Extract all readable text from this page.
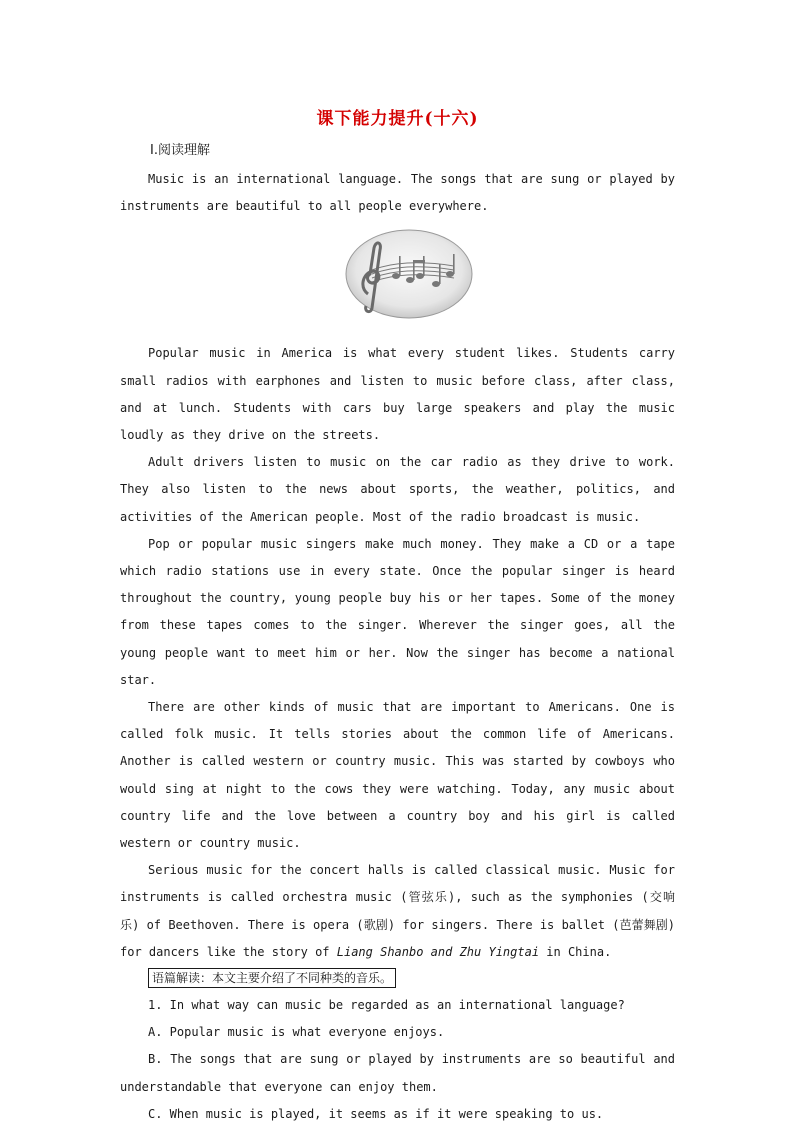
课下能力提升(十六)
Ⅰ.阅读理解

Music is an international language. The songs that are sung or played by instruments are beautiful to all people everywhere.

Popular music in America is what every student likes. Students carry small radios with earphones and listen to music before class, after class, and at lunch. Students with cars buy large speakers and play the music loudly as they drive on the streets.

Adult drivers listen to music on the car radio as they drive to work. They also listen to the news about sports, the weather, politics, and activities of the American people. Most of the radio broadcast is music.

Pop or popular music singers make much money. They make a CD or a tape which radio stations use in every state. Once the popular singer is heard throughout the country, young people buy his or her tapes. Some of the money from these tapes comes to the singer. Wherever the singer goes, all the young people want to meet him or her. Now the singer has become a national star.

There are other kinds of music that are important to Americans. One is called folk music. It tells stories about the common life of Americans. Another is called western or country music. This was started by cowboys who would sing at night to the cows they were watching. Today, any music about country life and the love between a country boy and his girl is called western or country music.

Serious music for the concert halls is called classical music. Music for instruments is called orchestra music (管弦乐), such as the symphonies (交响乐) of Beethoven. There is opera (歌剧) for singers. There is ballet (芭蕾舞剧) for dancers like the story of Liang Shanbo and Zhu Yingtai in China.

语篇解读：本文主要介绍了不同种类的音乐。

1. In what way can music be regarded as an international language?

A. Popular music is what everyone enjoys.

B. The songs that are sung or played by instruments are so beautiful and understandable that everyone can enjoy them.

C. When music is played, it seems as if it were speaking to us.
